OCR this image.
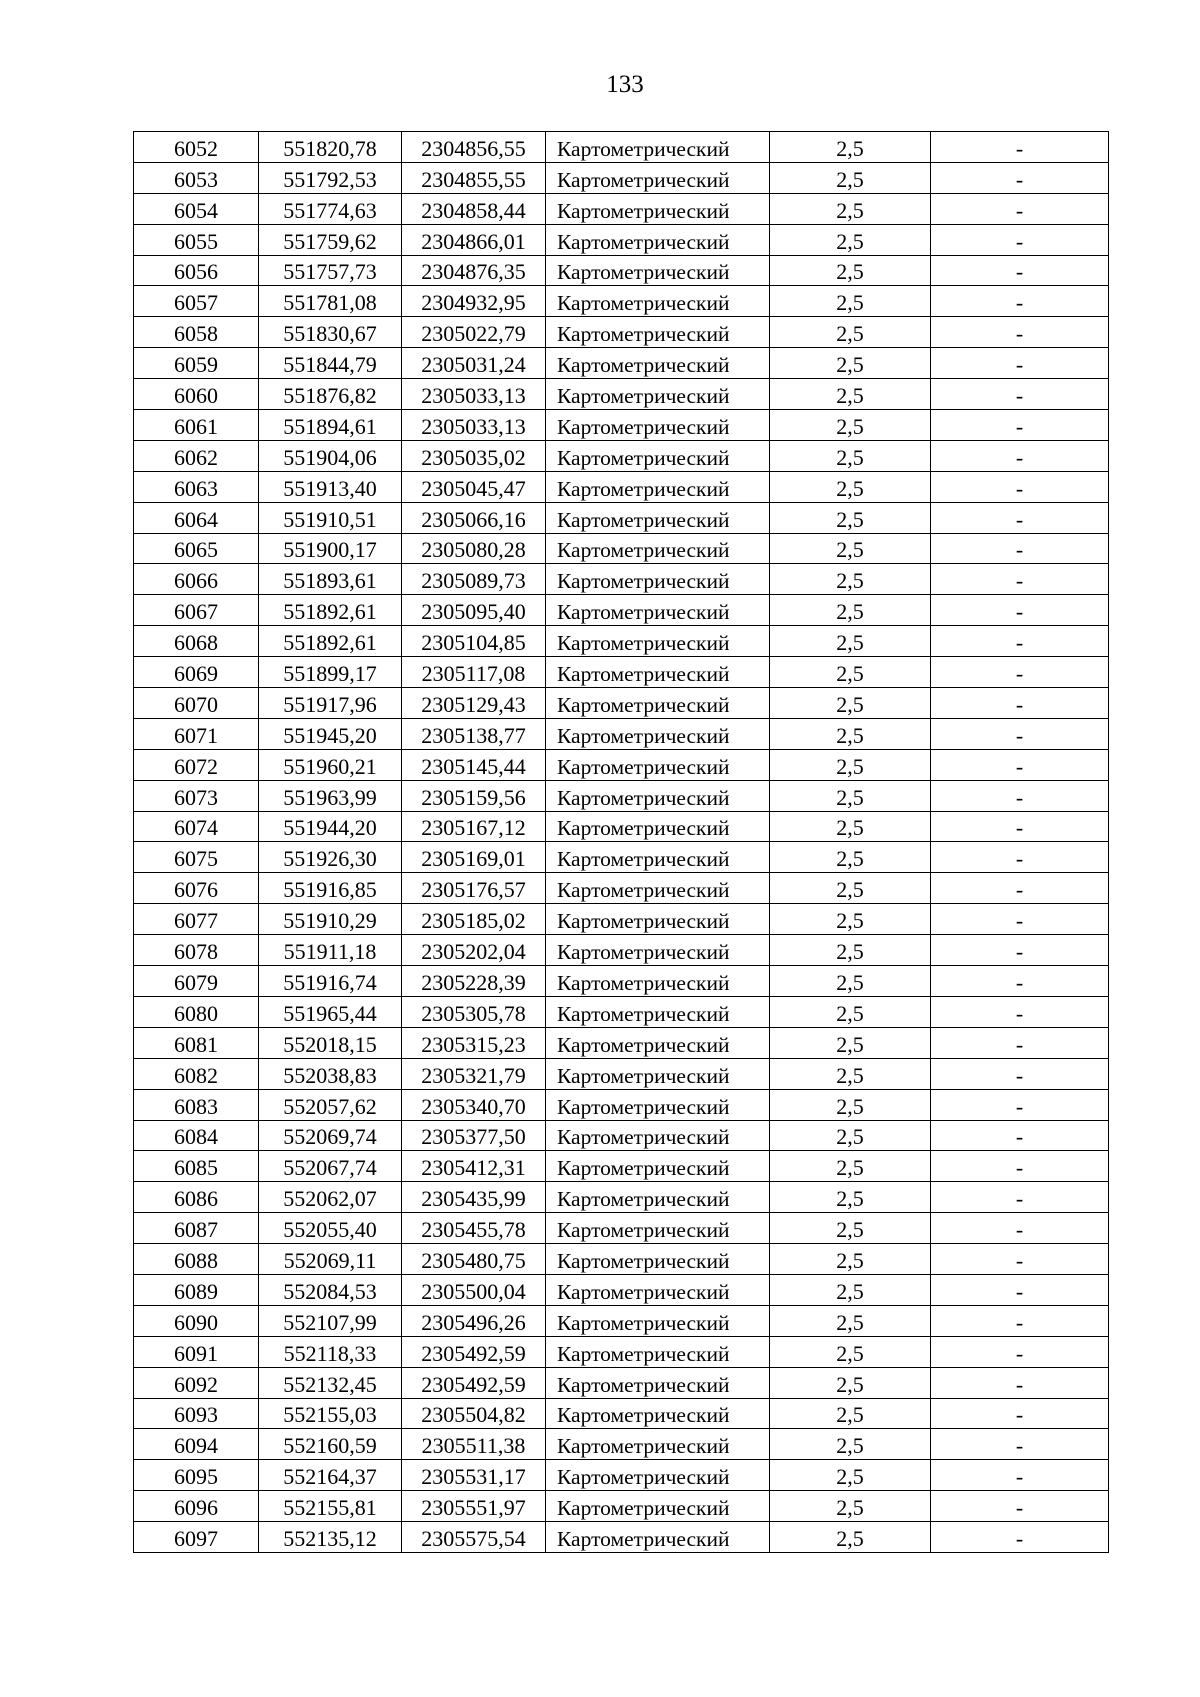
133
6052	551820,78	2304856,55	Картометрический	2,5	-
6053	551792,53	2304855,55	Картометрический	2,5	-
6054	551774,63	2304858,44	Картометрический	2,5	-
6055	551759,62	2304866,01	Картометрический	2,5	-
6056	551757,73	2304876,35	Картометрический	2,5	-
6057	551781,08	2304932,95	Картометрический	2,5	-
6058	551830,67	2305022,79	Картометрический	2,5	-
6059	551844,79	2305031,24	Картометрический	2,5	-
6060	551876,82	2305033,13	Картометрический	2,5	-
6061	551894,61	2305033,13	Картометрический	2,5	-
6062	551904,06	2305035,02	Картометрический	2,5	-
6063	551913,40	2305045,47	Картометрический	2,5	-
6064	551910,51	2305066,16	Картометрический	2,5	-
6065	551900,17	2305080,28	Картометрический	2,5	-
6066	551893,61	2305089,73	Картометрический	2,5	-
6067	551892,61	2305095,40	Картометрический	2,5	-
6068	551892,61	2305104,85	Картометрический	2,5	-
6069	551899,17	2305117,08	Картометрический	2,5	-
6070	551917,96	2305129,43	Картометрический	2,5	-
6071	551945,20	2305138,77	Картометрический	2,5	-
6072	551960,21	2305145,44	Картометрический	2,5	-
6073	551963,99	2305159,56	Картометрический	2,5	-
6074	551944,20	2305167,12	Картометрический	2,5	-
6075	551926,30	2305169,01	Картометрический	2,5	-
6076	551916,85	2305176,57	Картометрический	2,5	-
6077	551910,29	2305185,02	Картометрический	2,5	-
6078	551911,18	2305202,04	Картометрический	2,5	-
6079	551916,74	2305228,39	Картометрический	2,5	-
6080	551965,44	2305305,78	Картометрический	2,5	-
6081	552018,15	2305315,23	Картометрический	2,5	-
6082	552038,83	2305321,79	Картометрический	2,5	-
6083	552057,62	2305340,70	Картометрический	2,5	-
6084	552069,74	2305377,50	Картометрический	2,5	-
6085	552067,74	2305412,31	Картометрический	2,5	-
6086	552062,07	2305435,99	Картометрический	2,5	-
6087	552055,40	2305455,78	Картометрический	2,5	-
6088	552069,11	2305480,75	Картометрический	2,5	-
6089	552084,53	2305500,04	Картометрический	2,5	-
6090	552107,99	2305496,26	Картометрический	2,5	-
6091	552118,33	2305492,59	Картометрический	2,5	-
6092	552132,45	2305492,59	Картометрический	2,5	-
6093	552155,03	2305504,82	Картометрический	2,5	-
6094	552160,59	2305511,38	Картометрический	2,5	-
6095	552164,37	2305531,17	Картометрический	2,5	-
6096	552155,81	2305551,97	Картометрический	2,5	-
6097	552135,12	2305575,54	Картометрический	2,5	-
